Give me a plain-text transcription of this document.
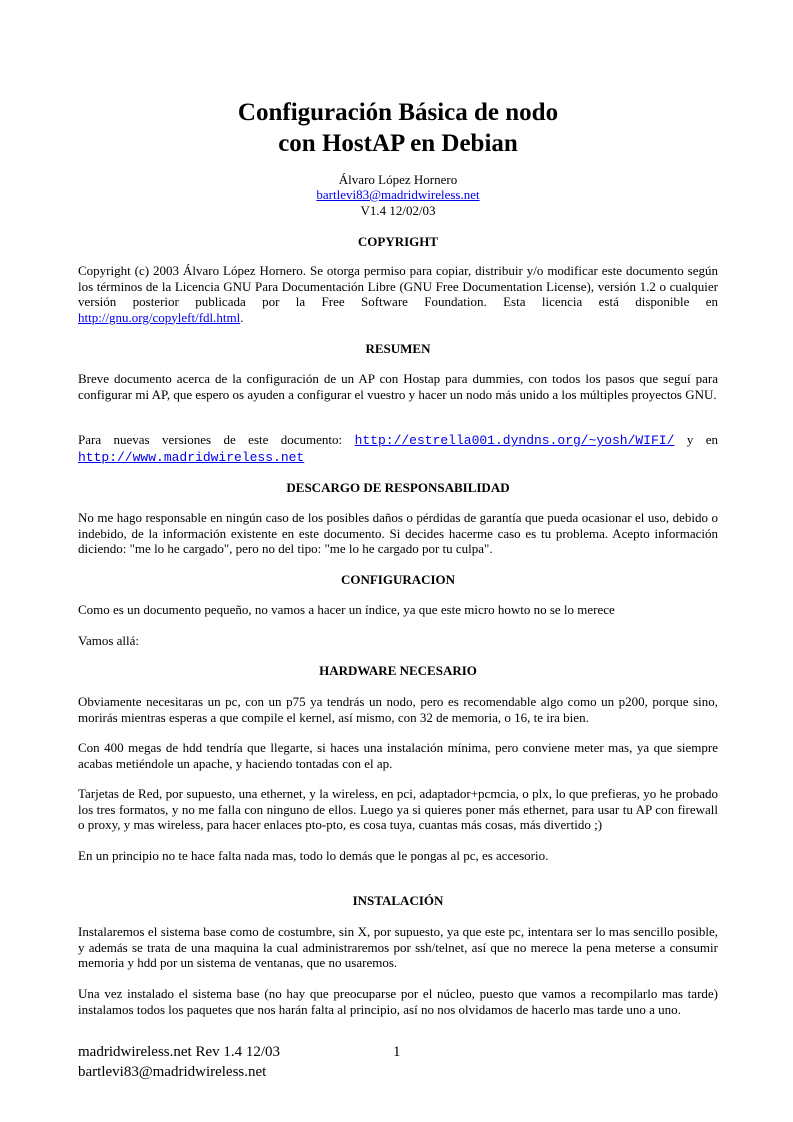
Configuración Básica de nodo
con HostAP en Debian
Álvaro López Hornero
bartlevi83@madridwireless.net
V1.4 12/02/03
COPYRIGHT
Copyright (c) 2003 Álvaro López Hornero. Se otorga permiso para copiar, distribuir y/o modificar este documento según los términos de la Licencia GNU Para Documentación Libre (GNU Free Documentation License), versión 1.2 o cualquier versión posterior publicada por la Free Software Foundation. Esta licencia está disponible en http://gnu.org/copyleft/fdl.html.
RESUMEN
Breve documento acerca de la configuración de un AP con Hostap para dummies, con todos los pasos que seguí para configurar mi AP, que espero os ayuden a configurar el vuestro y hacer un nodo más unido a los múltiples proyectos GNU.
Para nuevas versiones de este documento: http://estrella001.dyndns.org/~yosh/WIFI/ y en http://www.madridwireless.net
DESCARGO DE RESPONSABILIDAD
No me hago responsable en ningún caso de los posibles daños o pérdidas de garantía que pueda ocasionar el uso, debido o indebido, de la información existente en este documento. Si decides hacerme caso es tu problema. Acepto información diciendo: "me lo he cargado", pero no del tipo: "me lo he cargado por tu culpa".
CONFIGURACION
Como es un documento pequeño, no vamos a hacer un índice, ya que este micro howto no se lo merece
Vamos allá:
HARDWARE NECESARIO
Obviamente necesitaras un pc, con un p75 ya tendrás un nodo, pero es recomendable algo como un p200, porque sino, morirás mientras esperas a que compile el kernel, así mismo, con 32 de memoria, o 16, te ira bien.
Con 400 megas de hdd tendría que llegarte, si haces una instalación mínima, pero conviene meter mas, ya que siempre acabas metiéndole un apache, y haciendo tontadas con el ap.
Tarjetas de Red, por supuesto, una ethernet, y la wireless, en pci, adaptador+pcmcia, o plx, lo que prefieras, yo he probado los tres formatos, y no me falla con ninguno de ellos. Luego ya si quieres poner más ethernet, para usar tu AP con firewall o proxy, y mas wireless, para hacer enlaces pto-pto, es cosa tuya, cuantas más cosas, más divertido ;)
En un principio no te hace falta nada mas, todo lo demás que le pongas al pc, es accesorio.
INSTALACIÓN
Instalaremos el sistema base como de costumbre, sin X, por supuesto, ya que este pc, intentara ser lo mas sencillo posible, y además se trata de una maquina la cual administraremos por ssh/telnet, así que no merece la pena meterse a consumir memoria y hdd por un sistema de ventanas, que no usaremos.
Una vez instalado el sistema base (no hay que preocuparse por el núcleo, puesto que vamos a recompilarlo mas tarde) instalamos todos los paquetes que nos harán falta al principio, así no nos olvidamos de hacerlo mas tarde uno a uno.
madridwireless.net Rev 1.4 12/03
bartlevi83@madridwireless.net
1
